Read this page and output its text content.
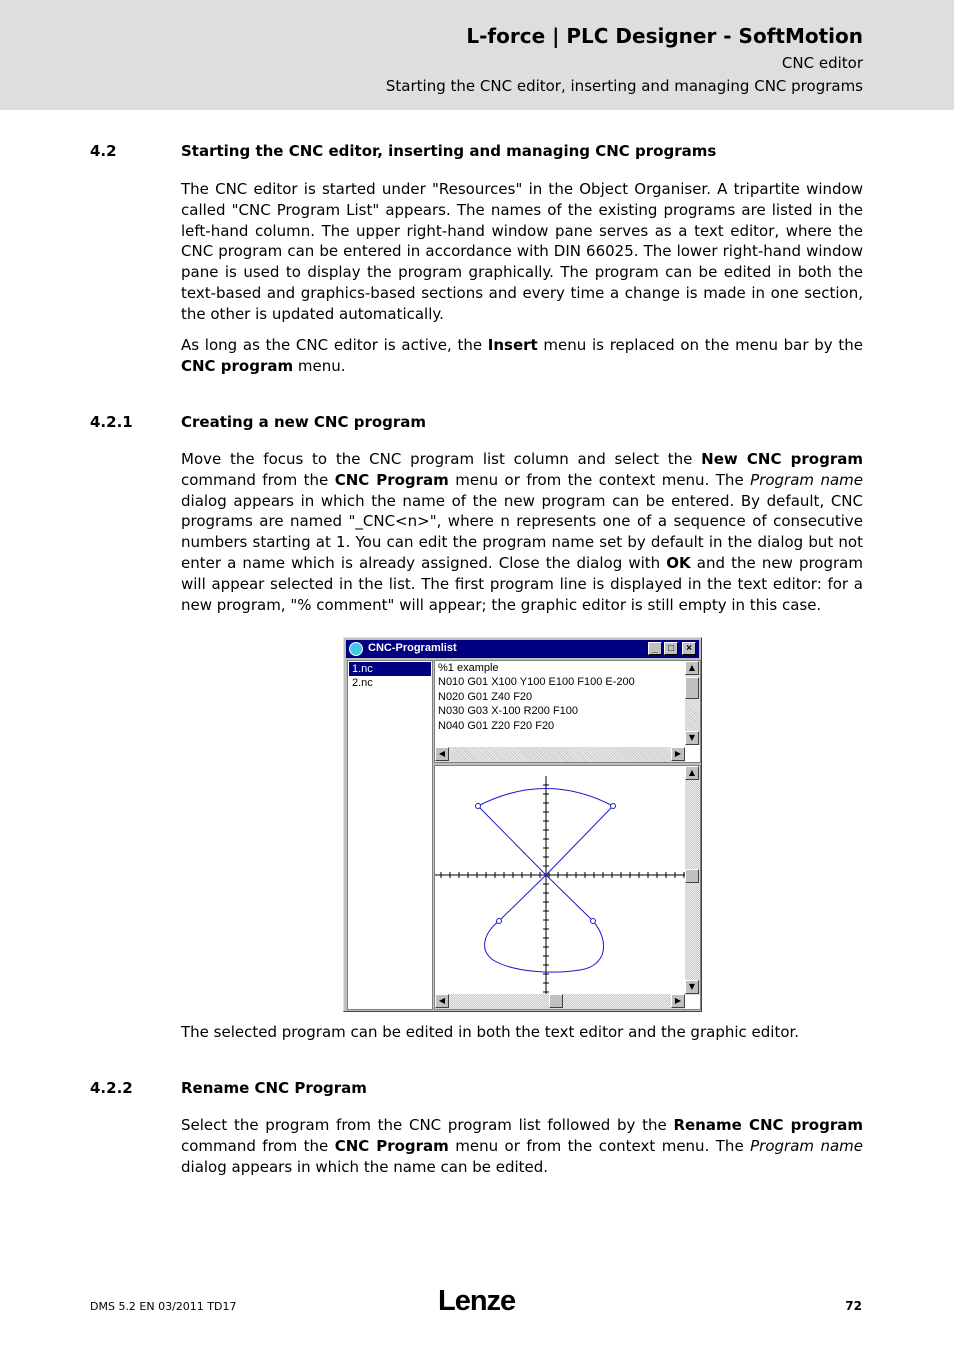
L-force | PLC Designer - SoftMotion
CNC editor
Starting the CNC editor, inserting and managing CNC programs
4.2	Starting the CNC editor, inserting and managing CNC programs
The CNC editor is started under "Resources" in the Object Organiser. A tripartite window called "CNC Program List" appears. The names of the existing programs are listed in the left-hand column. The upper right-hand window pane serves as a text editor, where the CNC program can be entered in accordance with DIN 66025. The lower right-hand window pane is used to display the program graphically. The program can be edited in both the text-based and graphics-based sections and every time a change is made in one section, the other is updated automatically.
As long as the CNC editor is active, the Insert menu is replaced on the menu bar by the CNC program menu.
4.2.1	Creating a new CNC program
Move the focus to the CNC program list column and select the New CNC program command from the CNC Program menu or from the context menu. The Program name dialog appears in which the name of the new program can be entered. By default, CNC programs are named "_CNC<n>", where n represents one of a sequence of consecutive numbers starting at 1. You can edit the program name set by default in the dialog but not enter a name which is already assigned. Close the dialog with OK and the new program will appear selected in the list. The first program line is displayed in the text editor: for a new program, "% comment" will appear; the graphic editor is still empty in this case.
CNC-Programlist	_	□	×
1.nc
2.nc
%1 example
N010 G01 X100 Y100 E100 F100 E-200
N020 G01 Z40 F20
N030 G03 X-100 R200 F100
N040 G01 Z20 F20 F20
▲
▼
◀	▶
▲
▼
◀	▶
The selected program can be edited in both the text editor and the graphic editor.
4.2.2	Rename CNC Program
Select the program from the CNC program list followed by the Rename CNC program command from the CNC Program menu or from the context menu. The Program name dialog appears in which the name can be edited.
DMS 5.2 EN 03/2011 TD17	Lenze	72
